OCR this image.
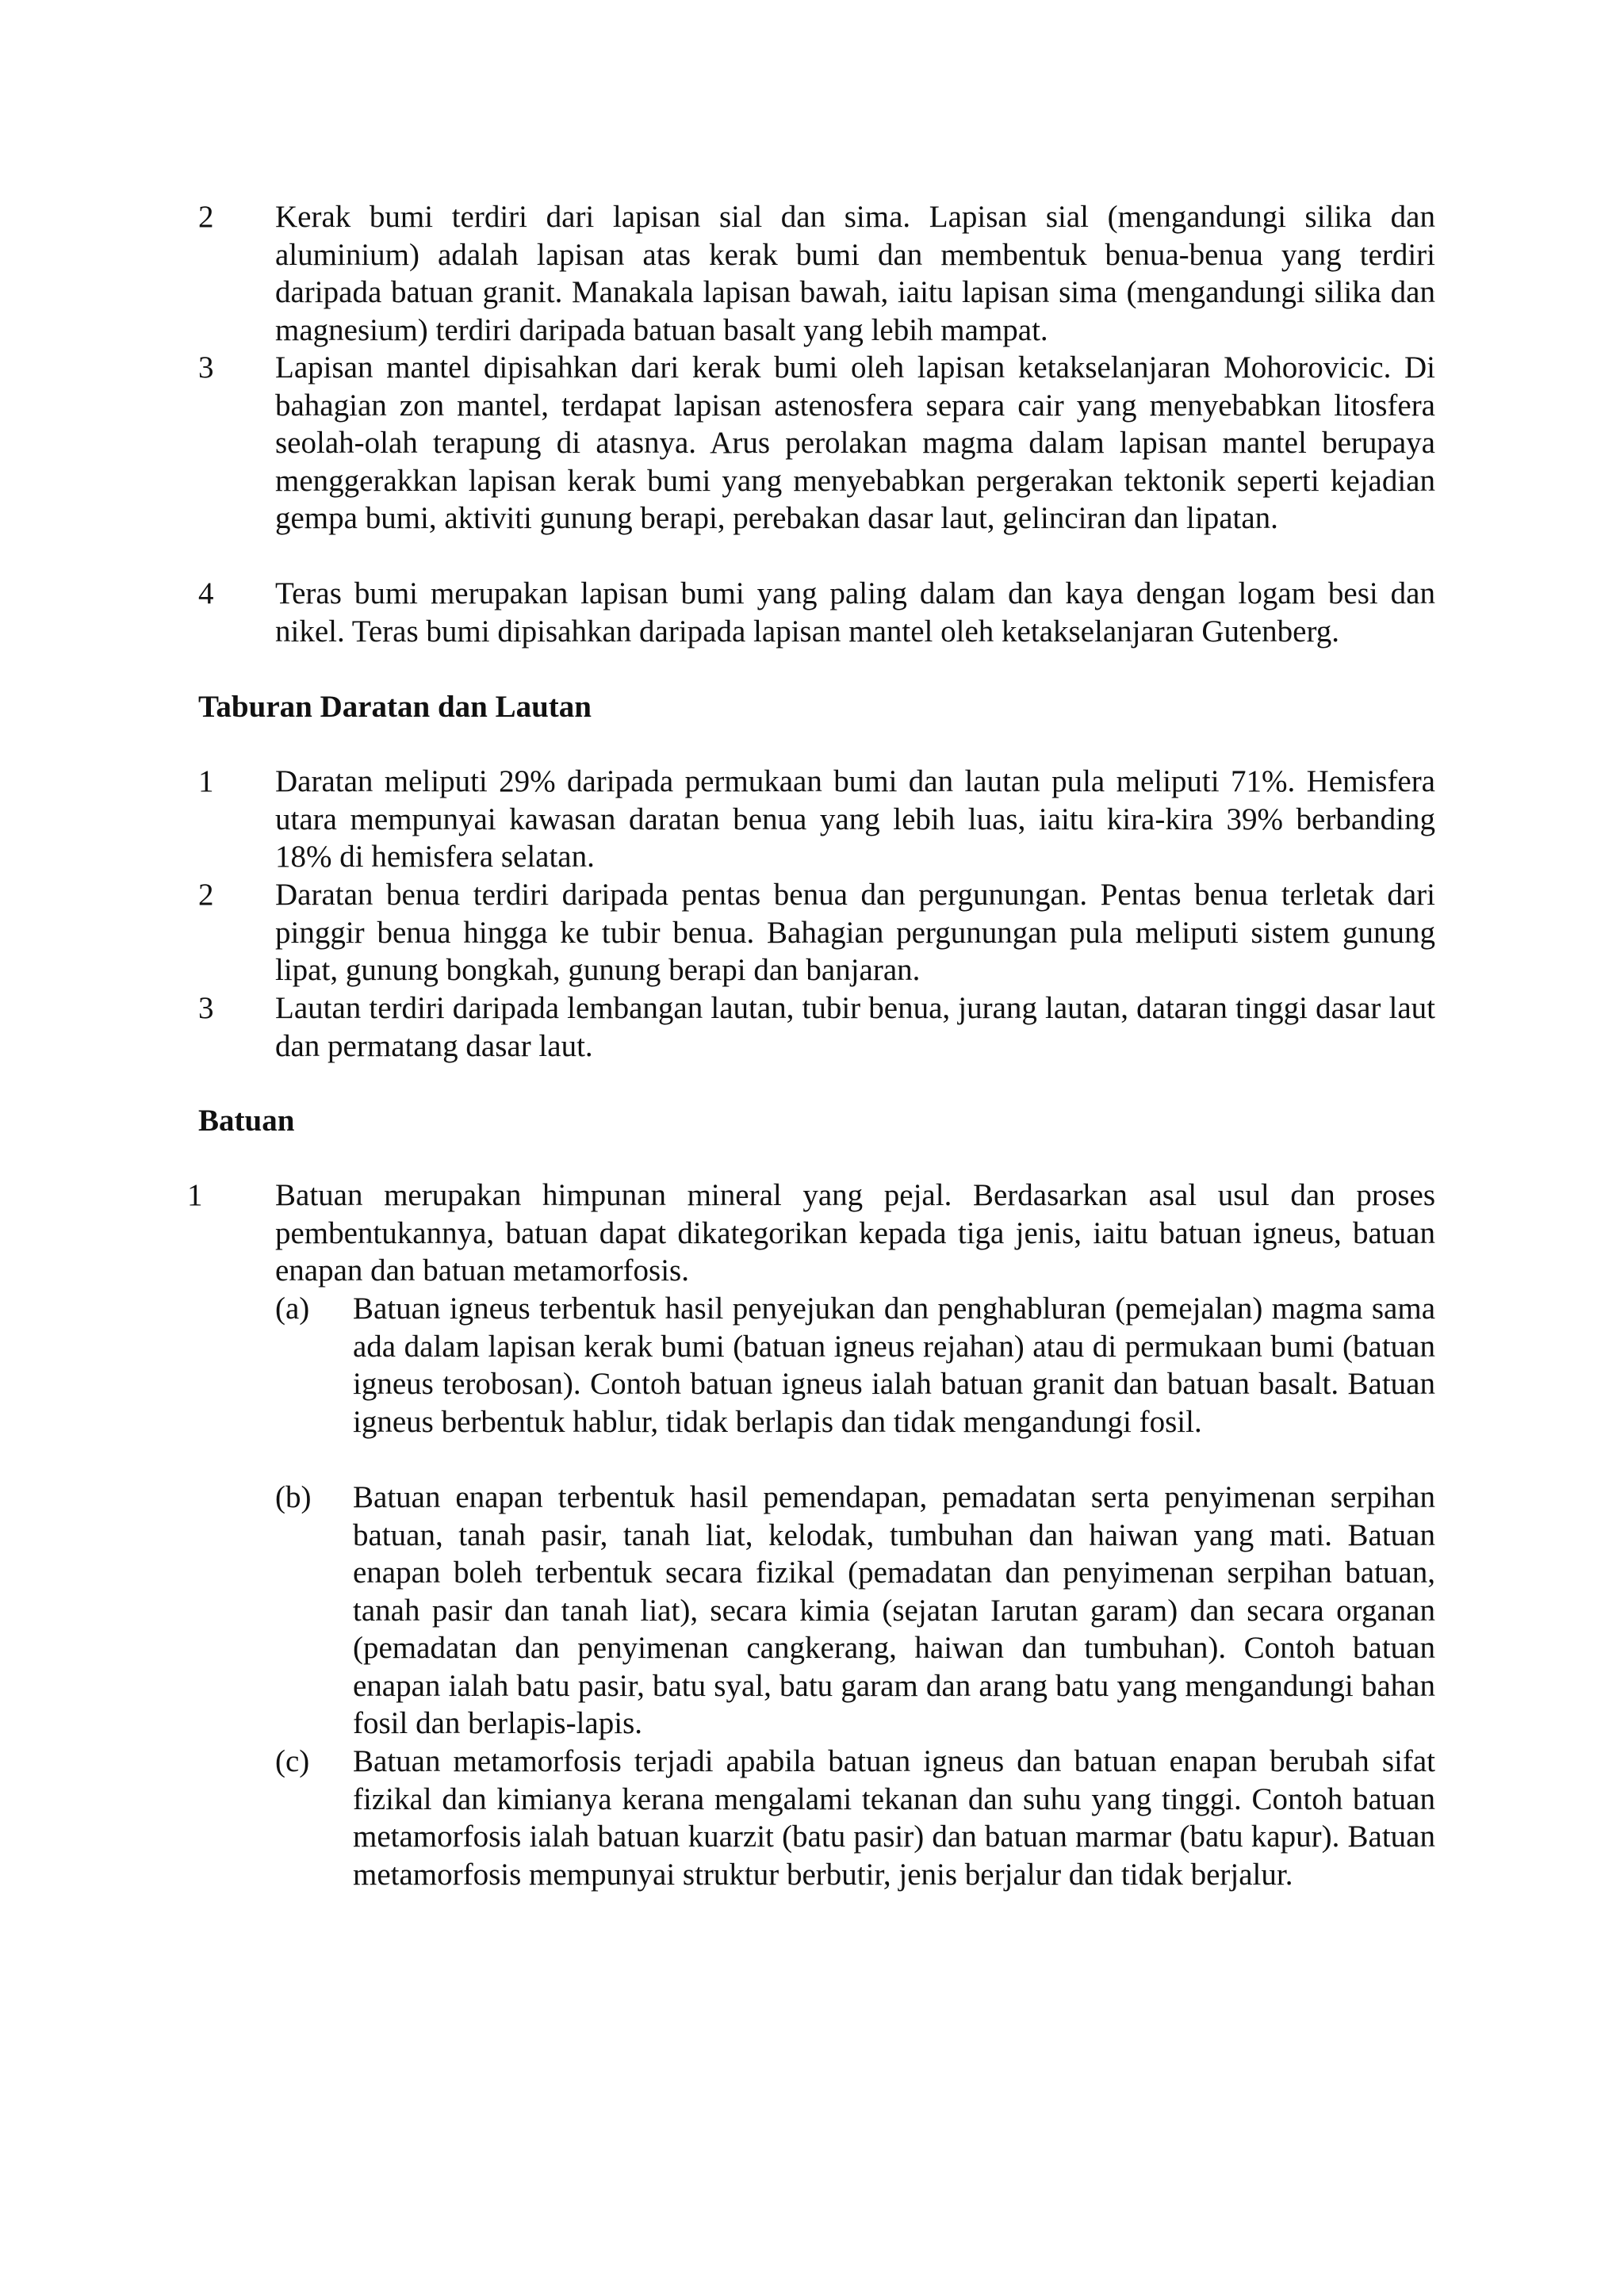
2	Kerak bumi terdiri dari lapisan sial dan sima. Lapisan sial (mengandungi silika dan aluminium) adalah lapisan atas kerak bumi dan membentuk benua-benua yang terdiri daripada batuan granit. Manakala lapisan bawah, iaitu lapisan sima (mengandungi silika dan magnesium) terdiri daripada batuan basalt yang lebih mampat.
3	Lapisan mantel dipisahkan dari kerak bumi oleh lapisan ketakselanjaran Mohorovicic. Di bahagian zon mantel, terdapat lapisan astenosfera separa cair yang menyebabkan litosfera seolah-olah terapung di atasnya. Arus perolakan magma dalam lapisan mantel berupaya menggerakkan lapisan kerak bumi yang menyebabkan pergerakan tektonik seperti kejadian gempa bumi, aktiviti gunung berapi, perebakan dasar laut, gelinciran dan lipatan.
4	Teras bumi merupakan lapisan bumi yang paling dalam dan kaya dengan logam besi dan nikel. Teras bumi dipisahkan daripada lapisan mantel oleh ketakselanjaran Gutenberg.
Taburan Daratan dan Lautan
1	Daratan meliputi 29% daripada permukaan bumi dan lautan pula meliputi 71%. Hemisfera utara mempunyai kawasan daratan benua yang lebih luas, iaitu kira-kira 39% berbanding 18% di hemisfera selatan.
2	Daratan benua terdiri daripada pentas benua dan pergunungan. Pentas benua terletak dari pinggir benua hingga ke tubir benua. Bahagian pergunungan pula meliputi sistem gunung lipat, gunung bongkah, gunung berapi dan banjaran.
3	Lautan terdiri daripada lembangan lautan, tubir benua, jurang lautan, dataran tinggi dasar laut dan permatang dasar laut.
Batuan
1	Batuan merupakan himpunan mineral yang pejal. Berdasarkan asal usul dan proses pembentukannya, batuan dapat dikategorikan kepada tiga jenis, iaitu batuan igneus, batuan enapan dan batuan metamorfosis.
(a)	Batuan igneus terbentuk hasil penyejukan dan penghabluran (pemejalan) magma sama ada dalam lapisan kerak bumi (batuan igneus rejahan) atau di permukaan bumi (batuan igneus terobosan). Contoh batuan igneus ialah batuan granit dan batuan basalt. Batuan igneus berbentuk hablur, tidak berlapis dan tidak mengandungi fosil.
(b)	Batuan enapan terbentuk hasil pemendapan, pemadatan serta penyimenan serpihan batuan, tanah pasir, tanah liat, kelodak, tumbuhan dan haiwan yang mati. Batuan enapan boleh terbentuk secara fizikal (pemadatan dan penyimenan serpihan batuan, tanah pasir dan tanah liat), secara kimia (sejatan Iarutan garam) dan secara organan (pemadatan dan penyimenan cangkerang, haiwan dan tumbuhan). Contoh batuan enapan ialah batu pasir, batu syal, batu garam dan arang batu yang mengandungi bahan fosil dan berlapis-lapis.
(c)	Batuan metamorfosis terjadi apabila batuan igneus dan batuan enapan berubah sifat fizikal dan kimianya kerana mengalami tekanan dan suhu yang tinggi. Contoh batuan metamorfosis ialah batuan kuarzit (batu pasir) dan batuan marmar (batu kapur). Batuan metamorfosis mempunyai struktur berbutir, jenis berjalur dan tidak berjalur.
